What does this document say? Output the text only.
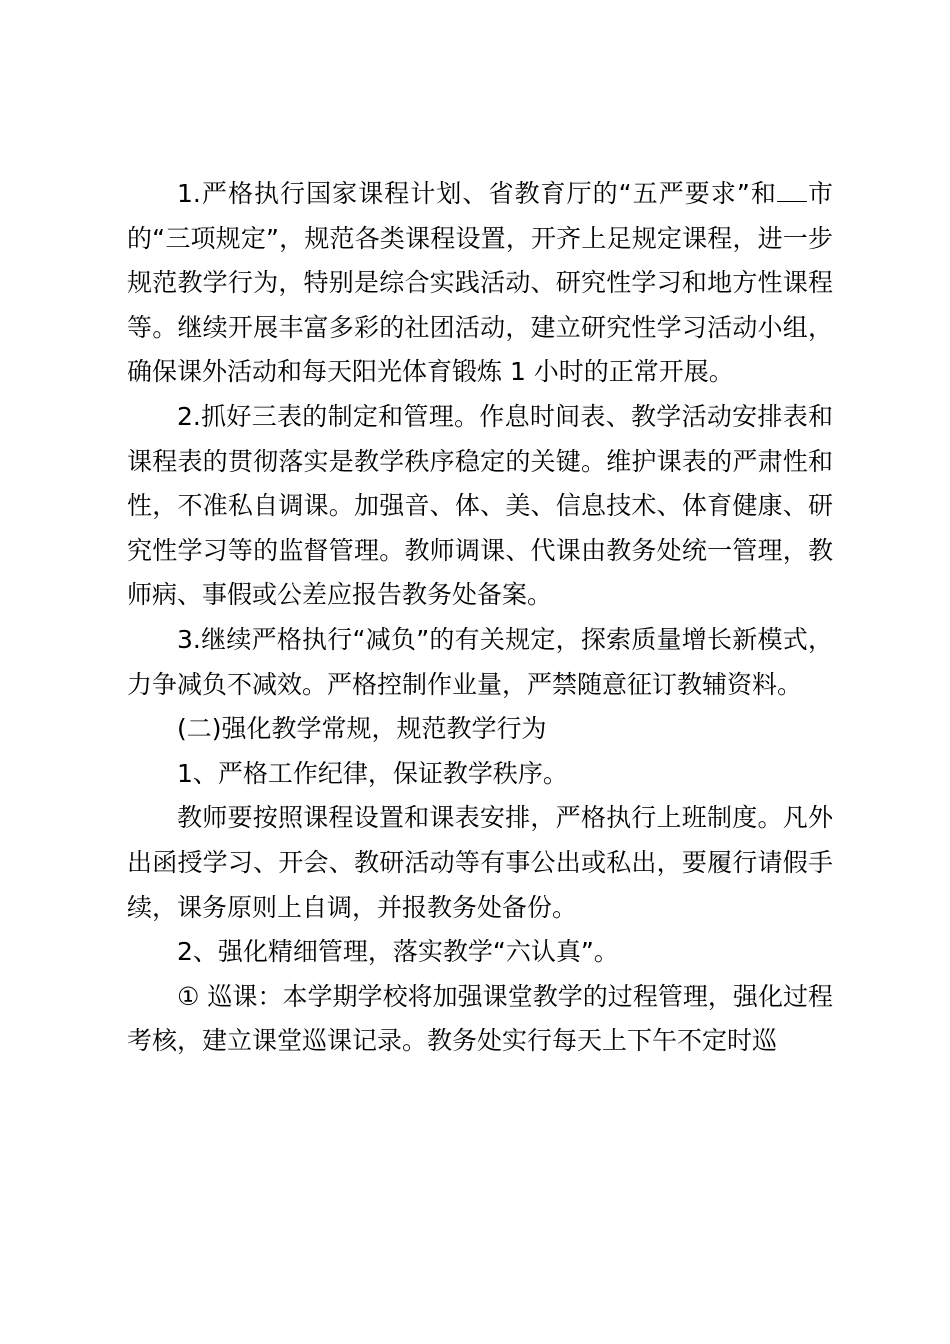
1.严格执行国家课程计划、省教育厅的“五严要求”和 市的“三项规定”，规范各类课程设置，开齐上足规定课程，进一步规范教学行为，特别是综合实践活动、研究性学习和地方性课程等。继续开展丰富多彩的社团活动，建立研究性学习活动小组，确保课外活动和每天阳光体育锻炼 1 小时的正常开展。

2.抓好三表的制定和管理。作息时间表、教学活动安排表和课程表的贯彻落实是教学秩序稳定的关键。维护课表的严肃性和性，不准私自调课。加强音、体、美、信息技术、体育健康、研究性学习等的监督管理。教师调课、代课由教务处统一管理，教师病、事假或公差应报告教务处备案。

3.继续严格执行“减负”的有关规定，探索质量增长新模式，力争减负不减效。严格控制作业量，严禁随意征订教辅资料。

(二)强化教学常规，规范教学行为

1、严格工作纪律，保证教学秩序。

教师要按照课程设置和课表安排，严格执行上班制度。凡外出函授学习、开会、教研活动等有事公出或私出，要履行请假手续，课务原则上自调，并报教务处备份。

2、强化精细管理，落实教学“六认真”。

① 巡课：本学期学校将加强课堂教学的过程管理，强化过程考核，建立课堂巡课记录。教务处实行每天上下午不定时巡
